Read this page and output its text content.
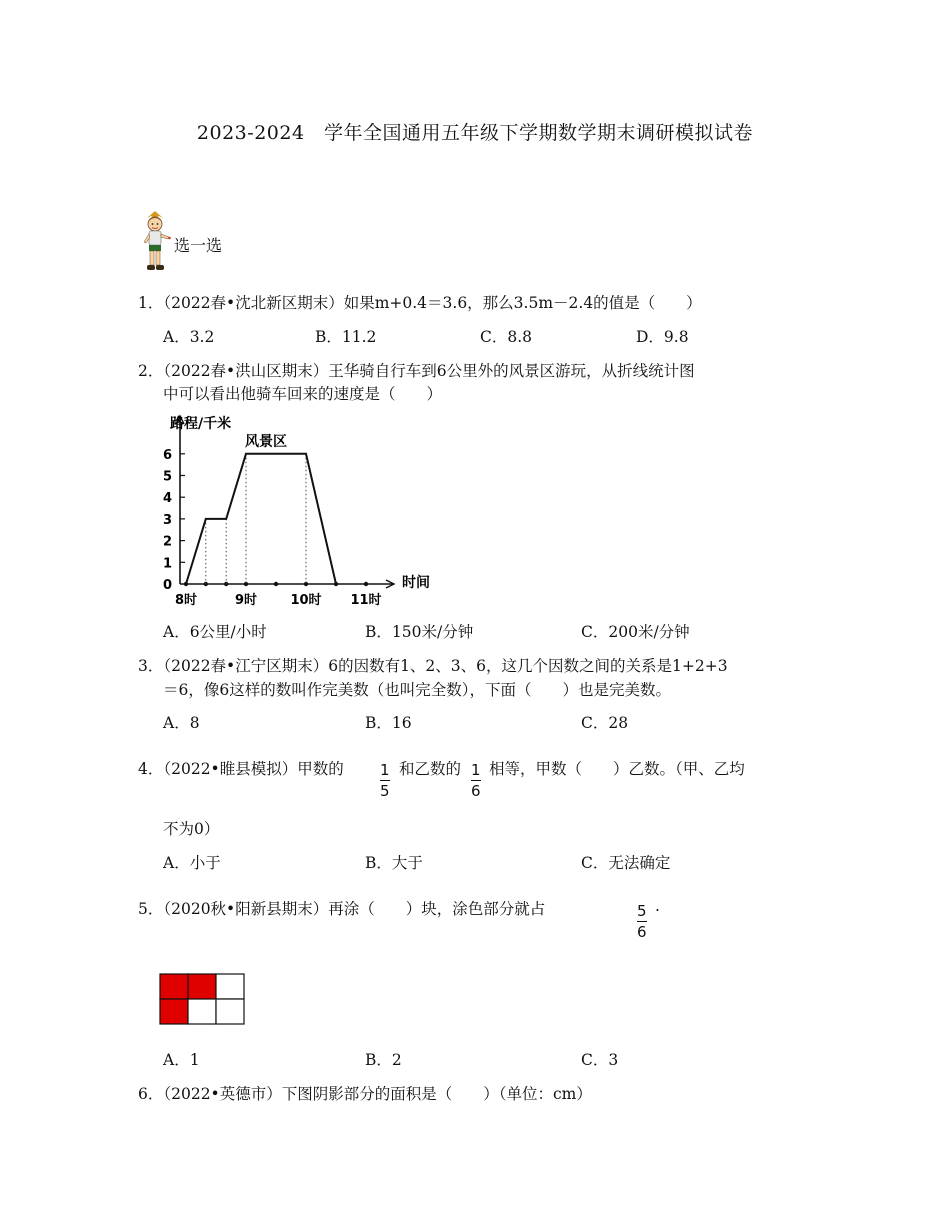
2023-2024　学年全国通用五年级下学期数学期末调研模拟试卷
选一选
1．（2022春•沈北新区期末）如果m+0.4＝3.6，那么3.5m－2.4的值是（　　）
A．3.2	B．11.2	C．8.8	D．9.8
2．（2022春•洪山区期末）王华骑自行车到6公里外的风景区游玩，从折线统计图
中可以看出他骑车回来的速度是（　　）
0
1
2
3
4
5
6
8时	9时	10时 11时
路程/千米
时间
风景区
A．6公里/小时	B．150米/分钟	C．200米/分钟
3．（2022春•江宁区期末）6的因数有1、2、3、6，这几个因数之间的关系是1+2+3
＝6，像6这样的数叫作完美数（也叫完全数），下面（　　）也是完美数。
A．8	B．16	C．28
4．（2022•睢县模拟）甲数的 1
5
和乙数的 1
6
相等，甲数（　　）乙数。（甲、乙均
不为0）
A．小于	B．大于	C．无法确定
5．（2020秋•阳新县期末）再涂（　　）块，涂色部分就占	5
6
.
A．1	B．2	C．3
6．（2022•英德市）下图阴影部分的面积是（　　）（单位：cm）
